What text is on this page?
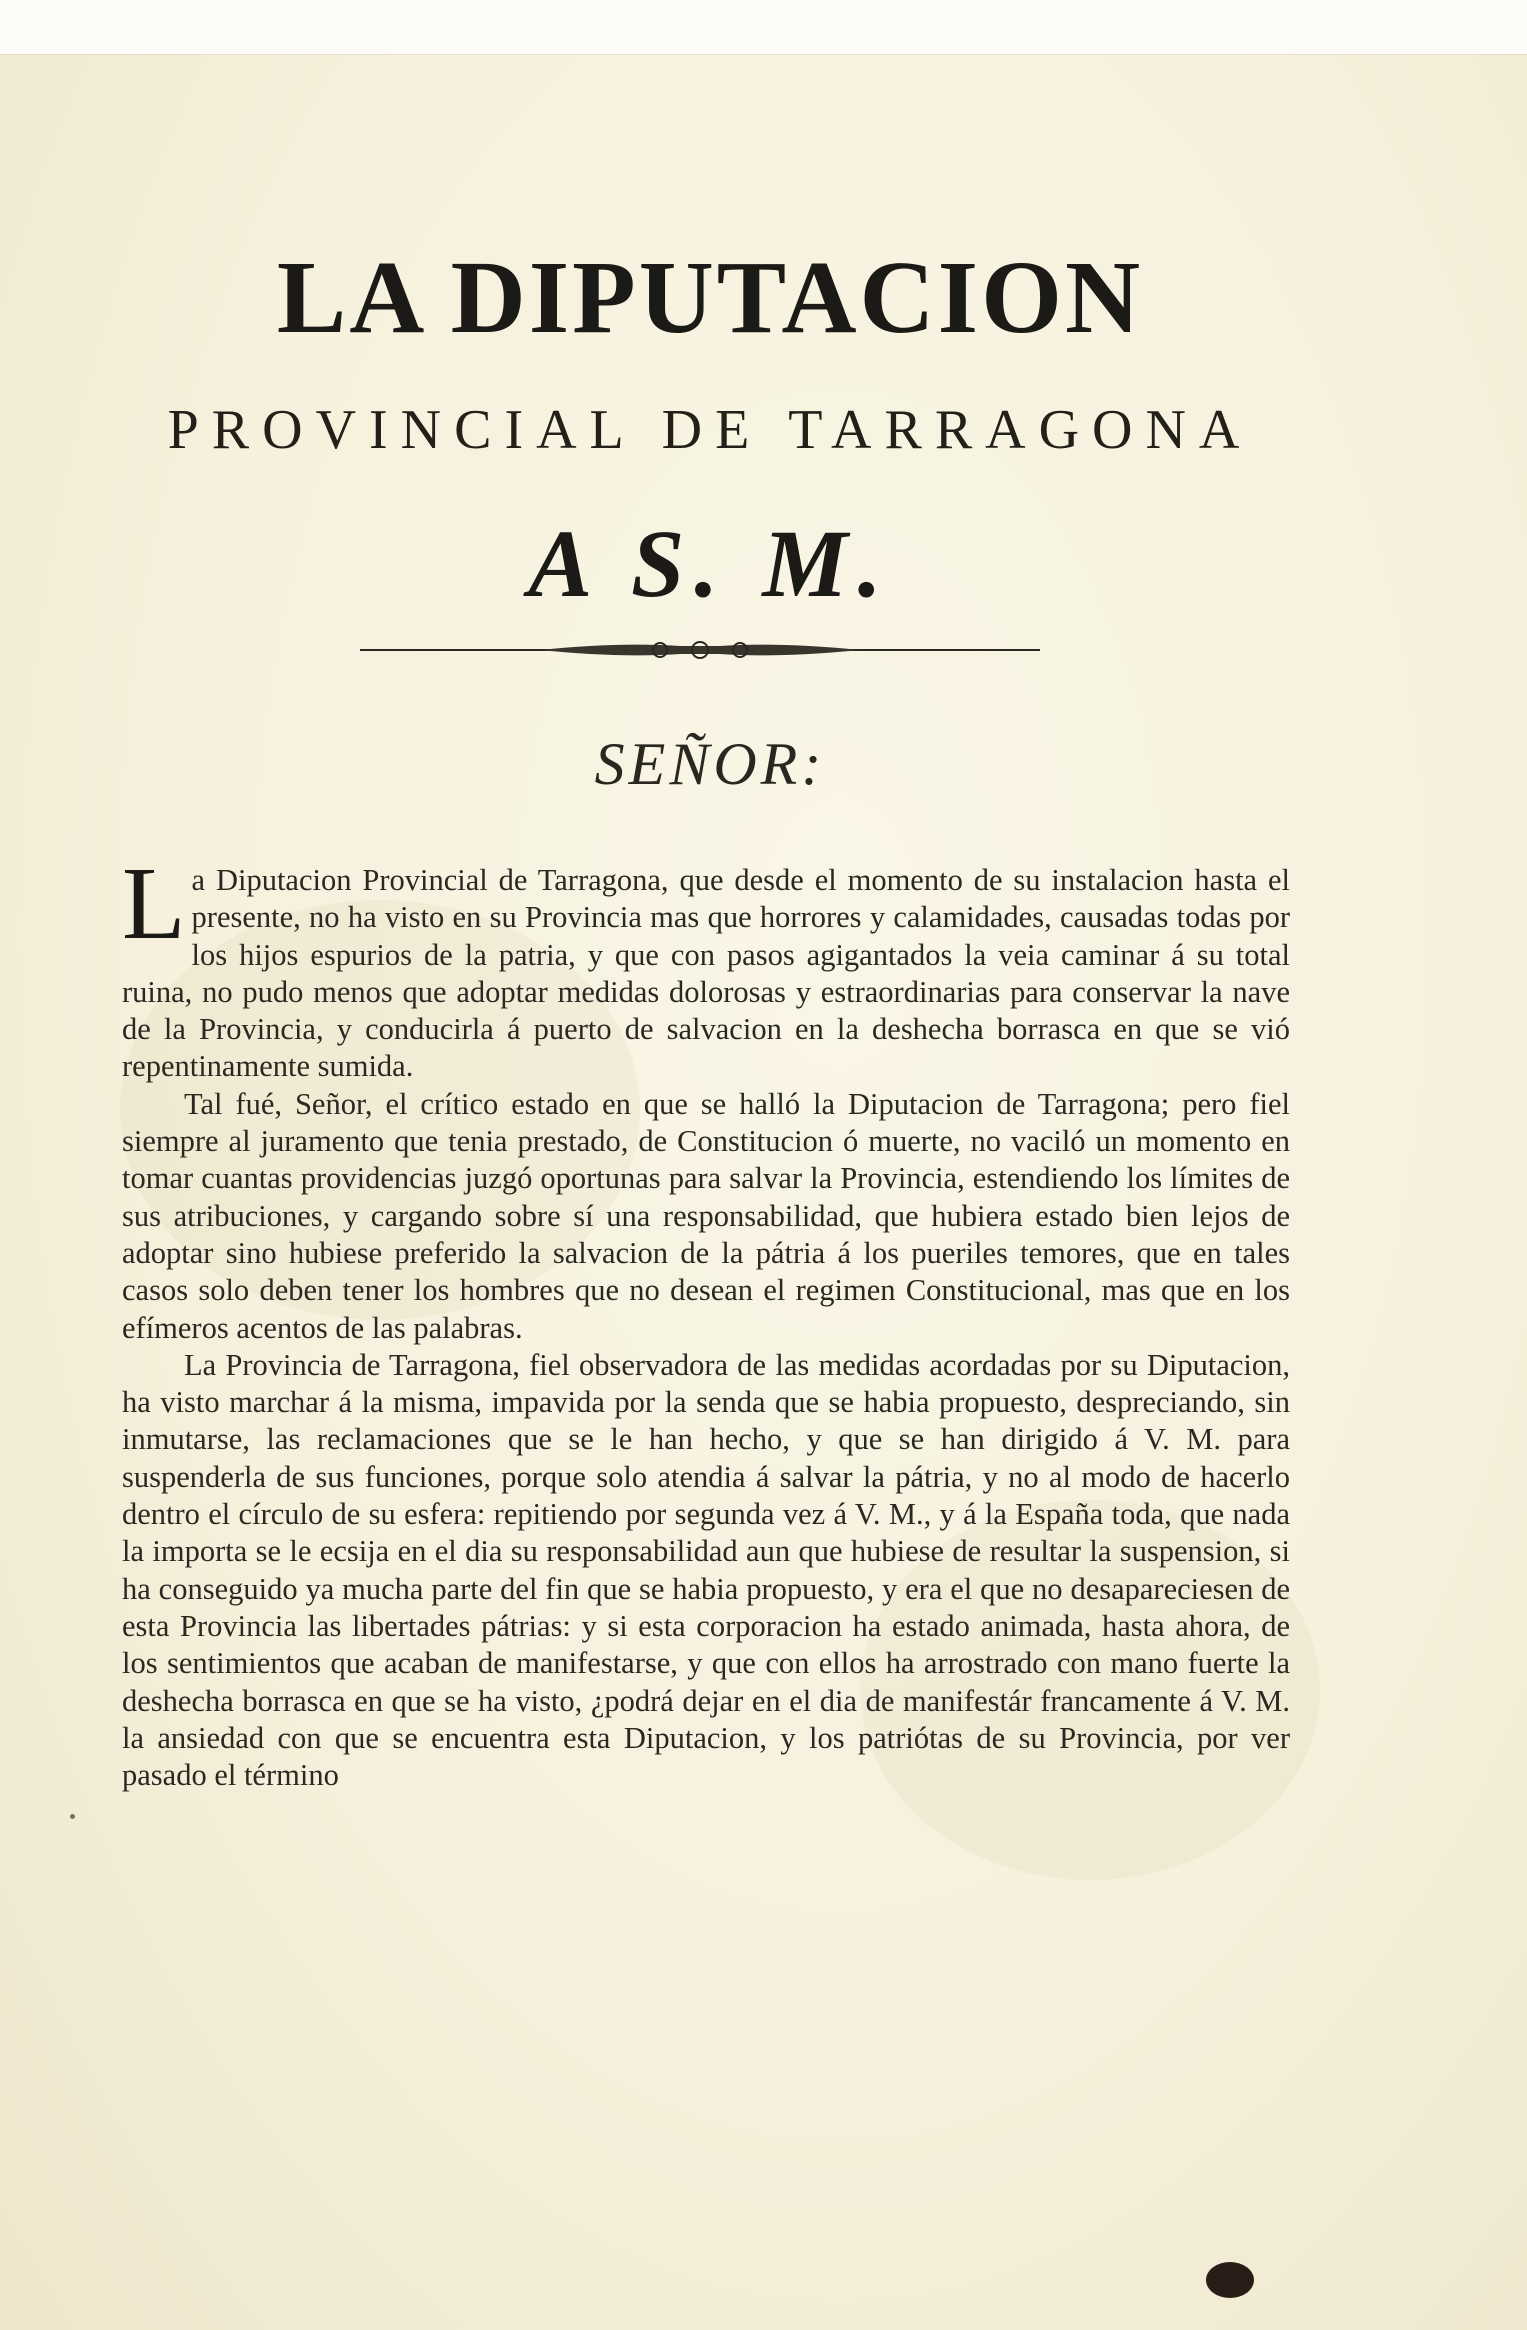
LA DIPUTACION
PROVINCIAL DE TARRAGONA
A S. M.
SEÑOR:

La Diputacion Provincial de Tarragona, que desde el momento de su instalacion hasta el presente, no ha visto en su Provincia mas que horrores y calamidades, causadas todas por los hijos espurios de la patria, y que con pasos agigantados la veia caminar á su total ruina, no pudo menos que adoptar medidas dolorosas y estraordinarias para conservar la nave de la Provincia, y conducirla á puerto de salvacion en la deshecha borrasca en que se vió repentinamente sumida.

Tal fué, Señor, el crítico estado en que se halló la Diputacion de Tarragona; pero fiel siempre al juramento que tenia prestado, de Constitucion ó muerte, no vaciló un momento en tomar cuantas providencias juzgó oportunas para salvar la Provincia, estendiendo los límites de sus atribuciones, y cargando sobre sí una responsabilidad, que hubiera estado bien lejos de adoptar sino hubiese preferido la salvacion de la pátria á los pueriles temores, que en tales casos solo deben tener los hombres que no desean el regimen Constitucional, mas que en los efímeros acentos de las palabras.

La Provincia de Tarragona, fiel observadora de las medidas acordadas por su Diputacion, ha visto marchar á la misma, impavida por la senda que se habia propuesto, despreciando, sin inmutarse, las reclamaciones que se le han hecho, y que se han dirigido á V. M. para suspenderla de sus funciones, porque solo atendia á salvar la pátria, y no al modo de hacerlo dentro el círculo de su esfera: repitiendo por segunda vez á V. M., y á la España toda, que nada la importa se le ecsija en el dia su responsabilidad aun que hubiese de resultar la suspension, si ha conseguido ya mucha parte del fin que se habia propuesto, y era el que no desapareciesen de esta Provincia las libertades pátrias: y si esta corporacion ha estado animada, hasta ahora, de los sentimientos que acaban de manifestarse, y que con ellos ha arrostrado con mano fuerte la deshecha borrasca en que se ha visto, ¿podrá dejar en el dia de manifestár francamente á V. M. la ansiedad con que se encuentra esta Diputacion, y los patriótas de su Provincia, por ver pasado el término
